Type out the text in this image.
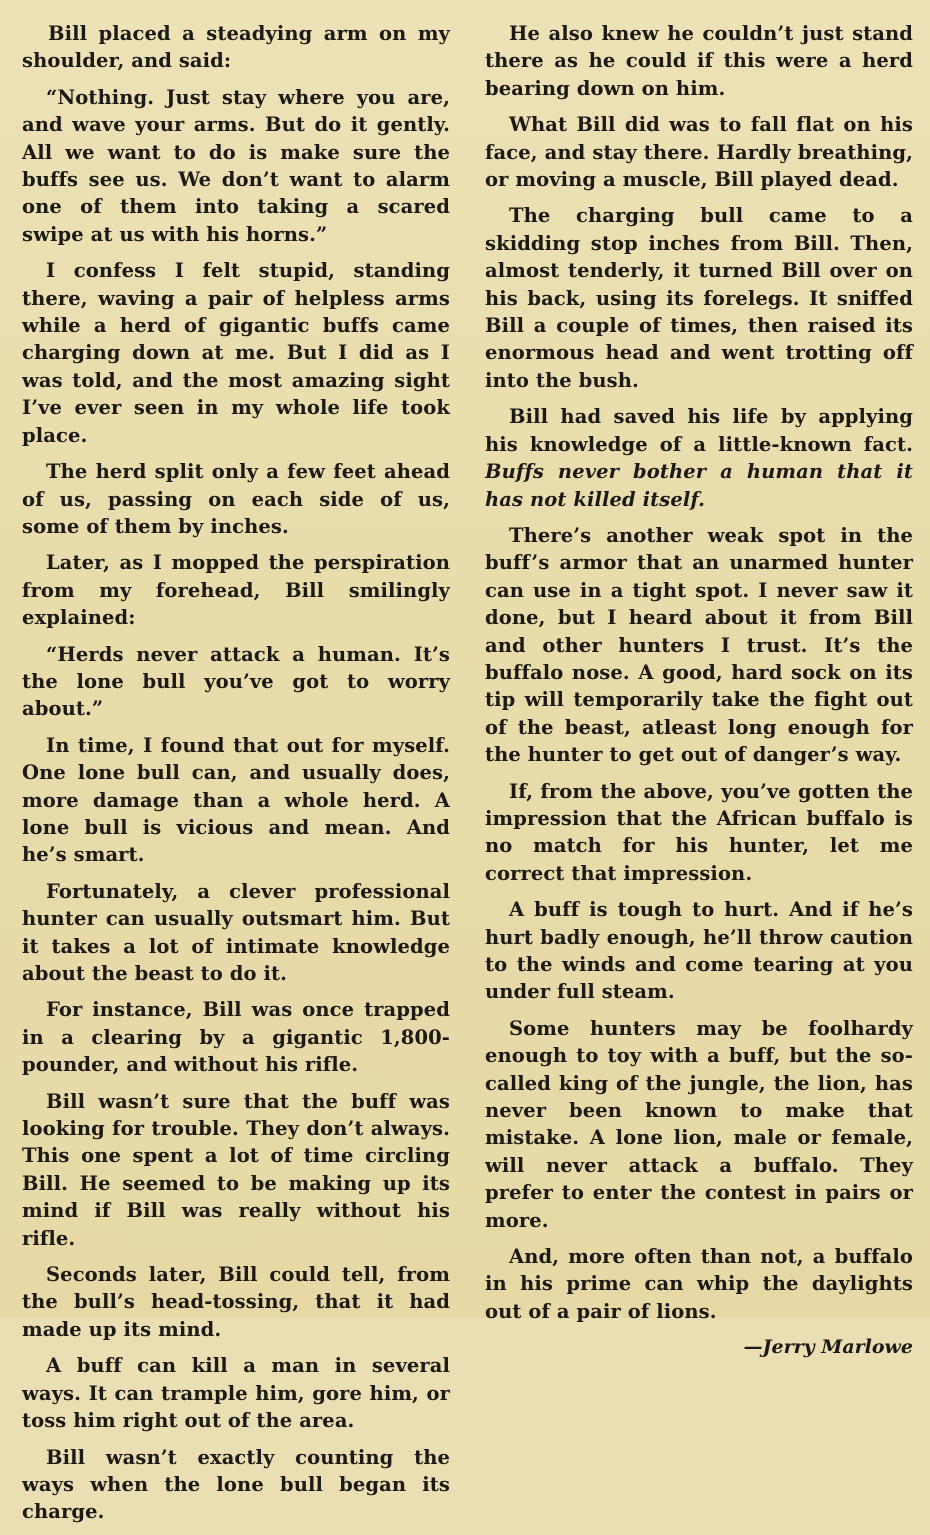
Bill placed a steadying arm on my shoulder, and said:

“Nothing. Just stay where you are, and wave your arms. But do it gently. All we want to do is make sure the buffs see us. We don’t want to alarm one of them into taking a scared swipe at us with his horns.”

I confess I felt stupid, standing there, waving a pair of helpless arms while a herd of gigantic buffs came charging down at me. But I did as I was told, and the most amazing sight I’ve ever seen in my whole life took place.

The herd split only a few feet ahead of us, passing on each side of us, some of them by inches.

Later, as I mopped the perspiration from my forehead, Bill smilingly explained:

“Herds never attack a human. It’s the lone bull you’ve got to worry about.”

In time, I found that out for myself. One lone bull can, and usually does, more damage than a whole herd. A lone bull is vicious and mean. And he’s smart.

Fortunately, a clever professional hunter can usually outsmart him. But it takes a lot of intimate knowledge about the beast to do it.

For instance, Bill was once trapped in a clearing by a gigantic 1,800-pounder, and without his rifle.

Bill wasn’t sure that the buff was looking for trouble. They don’t always. This one spent a lot of time circling Bill. He seemed to be making up its mind if Bill was really without his rifle.

Seconds later, Bill could tell, from the bull’s head-tossing, that it had made up its mind.

A buff can kill a man in several ways. It can trample him, gore him, or toss him right out of the area.

Bill wasn’t exactly counting the ways when the lone bull began its charge.

He also knew he couldn’t just stand there as he could if this were a herd bearing down on him.

What Bill did was to fall flat on his face, and stay there. Hardly breathing, or moving a muscle, Bill played dead.

The charging bull came to a skidding stop inches from Bill. Then, almost tenderly, it turned Bill over on his back, using its forelegs. It sniffed Bill a couple of times, then raised its enormous head and went trotting off into the bush.

Bill had saved his life by applying his knowledge of a little-known fact. Buffs never bother a human that it has not killed itself.

There’s another weak spot in the buff’s armor that an unarmed hunter can use in a tight spot. I never saw it done, but I heard about it from Bill and other hunters I trust. It’s the buffalo nose. A good, hard sock on its tip will temporarily take the fight out of the beast, atleast long enough for the hunter to get out of danger’s way.

If, from the above, you’ve gotten the impression that the African buffalo is no match for his hunter, let me correct that impression.

A buff is tough to hurt. And if he’s hurt badly enough, he’ll throw caution to the winds and come tearing at you under full steam.

Some hunters may be foolhardy enough to toy with a buff, but the so-called king of the jungle, the lion, has never been known to make that mistake. A lone lion, male or female, will never attack a buffalo. They prefer to enter the contest in pairs or more.

And, more often than not, a buffalo in his prime can whip the daylights out of a pair of lions.

—Jerry Marlowe
